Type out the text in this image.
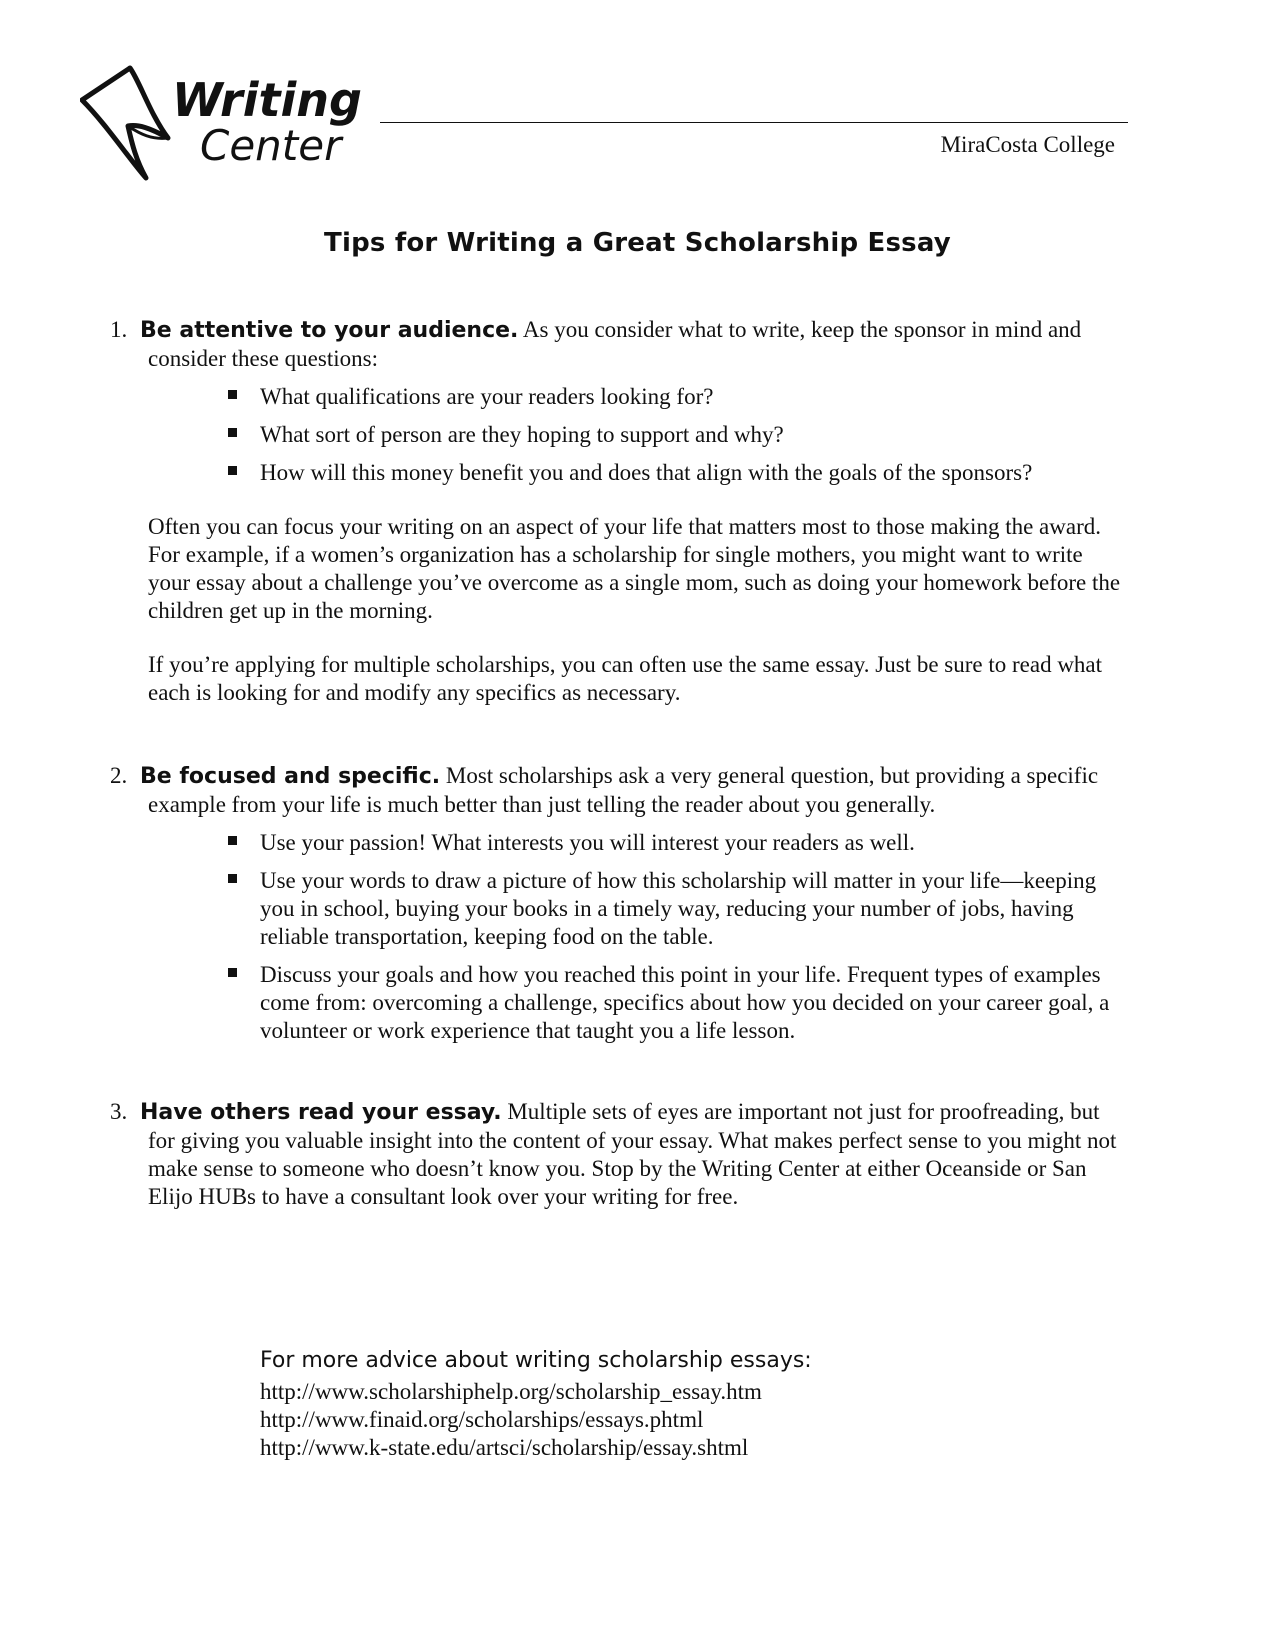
Writing
Center	MiraCosta College
Tips for Writing a Great Scholarship Essay

1. Be attentive to your audience. As you consider what to write, keep the sponsor in mind and consider these questions:

What qualifications are your readers looking for?
What sort of person are they hoping to support and why?
How will this money benefit you and does that align with the goals of the sponsors?

Often you can focus your writing on an aspect of your life that matters most to those making the award. For example, if a women’s organization has a scholarship for single mothers, you might want to write your essay about a challenge you’ve overcome as a single mom, such as doing your homework before the children get up in the morning.

If you’re applying for multiple scholarships, you can often use the same essay. Just be sure to read what each is looking for and modify any specifics as necessary.

2. Be focused and specific. Most scholarships ask a very general question, but providing a specific example from your life is much better than just telling the reader about you generally.

Use your passion! What interests you will interest your readers as well.
Use your words to draw a picture of how this scholarship will matter in your life—keeping you in school, buying your books in a timely way, reducing your number of jobs, having reliable transportation, keeping food on the table.
Discuss your goals and how you reached this point in your life. Frequent types of examples come from: overcoming a challenge, specifics about how you decided on your career goal, a volunteer or work experience that taught you a life lesson.

3. Have others read your essay. Multiple sets of eyes are important not just for proofreading, but for giving you valuable insight into the content of your essay. What makes perfect sense to you might not make sense to someone who doesn’t know you. Stop by the Writing Center at either Oceanside or San Elijo HUBs to have a consultant look over your writing for free.

For more advice about writing scholarship essays:

http://www.scholarshiphelp.org/scholarship_essay.htm
http://www.finaid.org/scholarships/essays.phtml
http://www.k-state.edu/artsci/scholarship/essay.shtml
